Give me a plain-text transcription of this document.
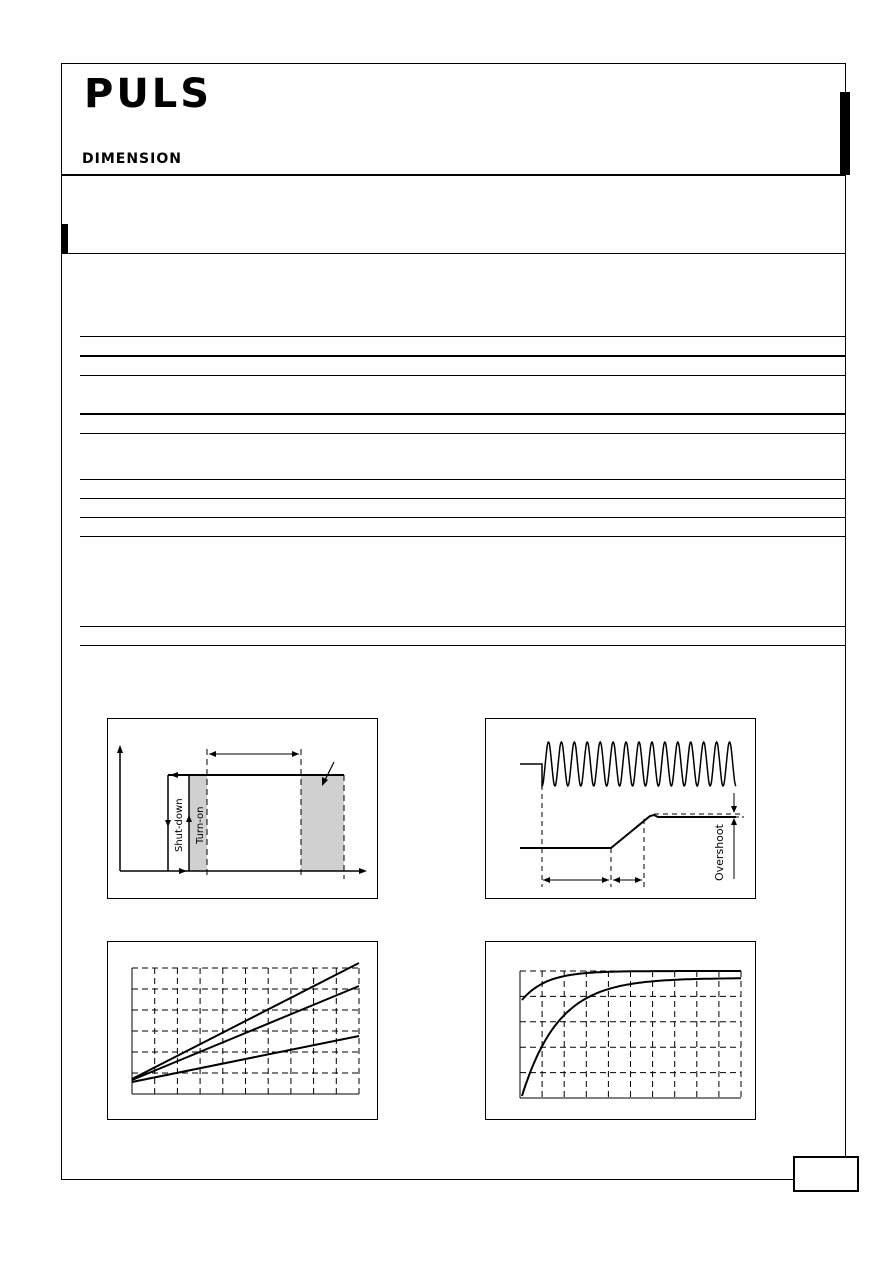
PULS
DIMENSION
Shut-down Turn-on	Overshoot
